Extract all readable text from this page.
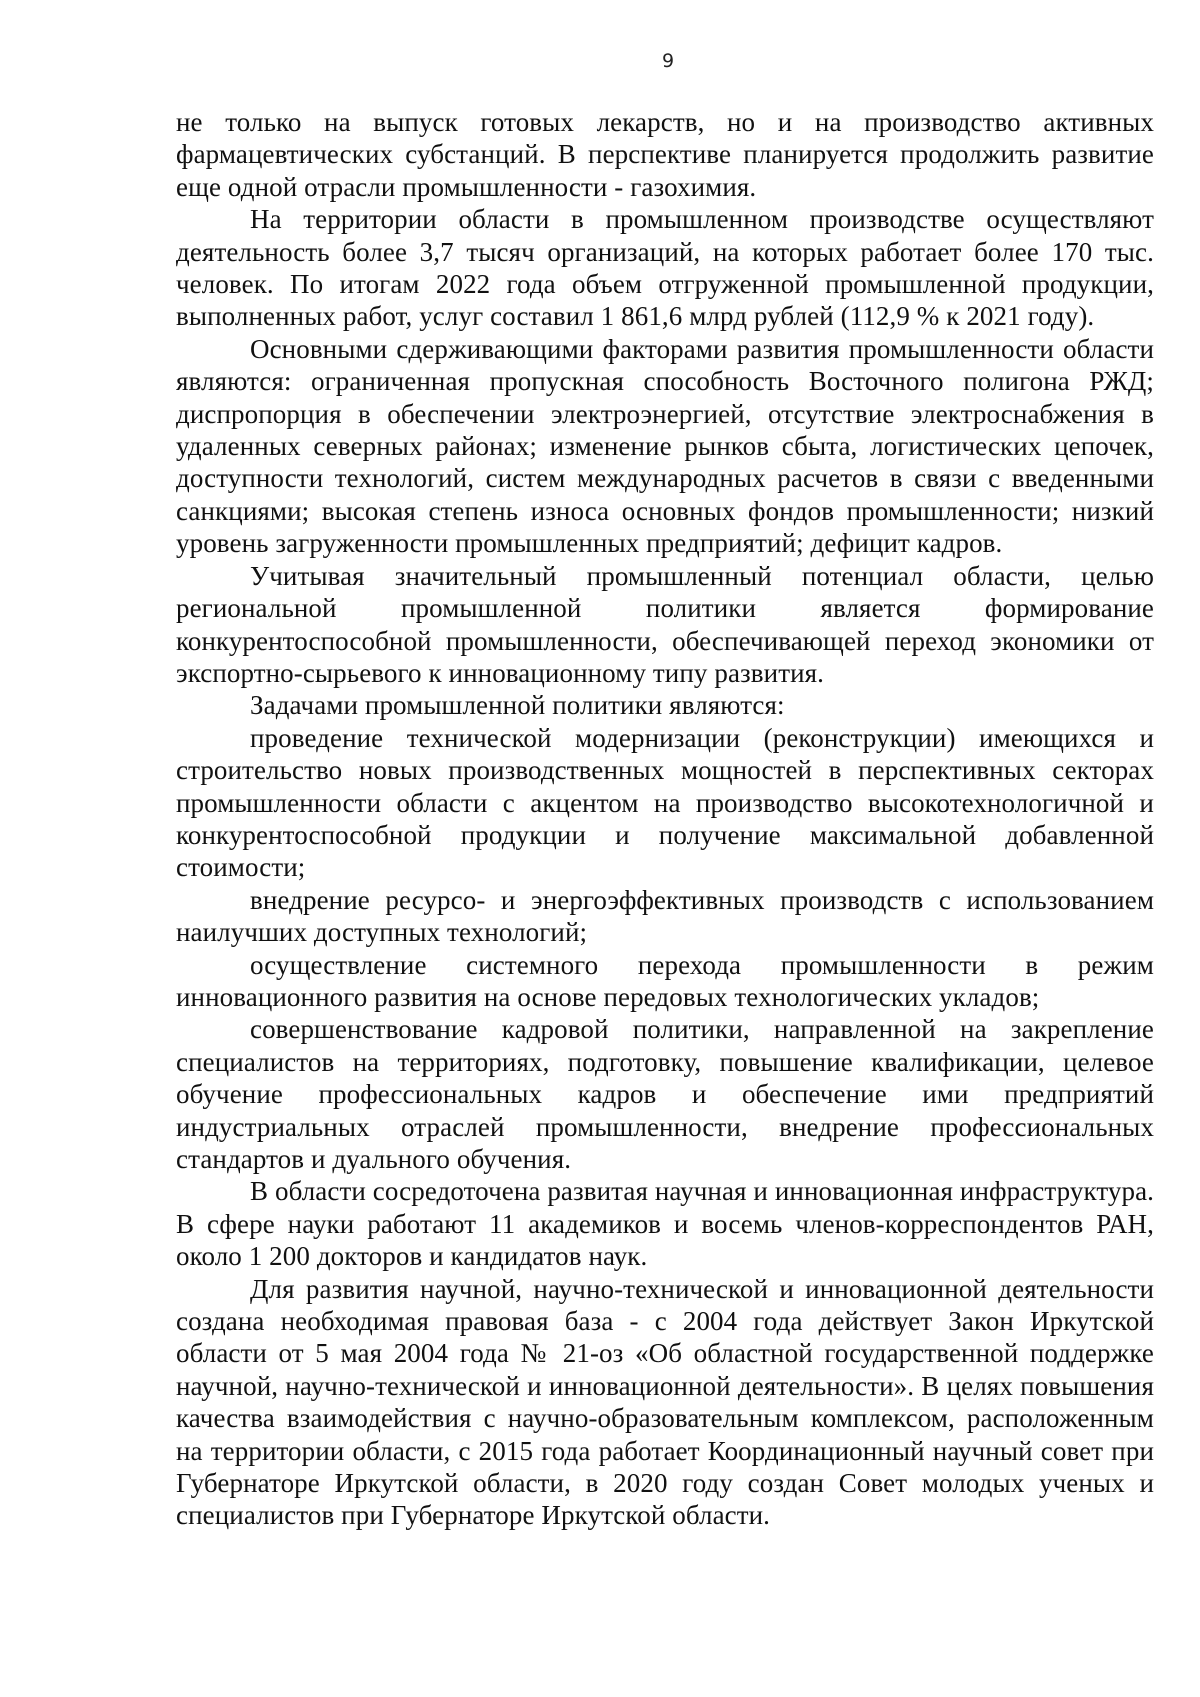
9

не только на выпуск готовых лекарств, но и на производство активных фармацевтических субстанций. В перспективе планируется продолжить развитие еще одной отрасли промышленности - газохимия.

На территории области в промышленном производстве осуществляют деятельность более 3,7 тысяч организаций, на которых работает более 170 тыс. человек. По итогам 2022 года объем отгруженной промышленной продукции, выполненных работ, услуг составил 1 861,6 млрд рублей (112,9 % к 2021 году).

Основными сдерживающими факторами развития промышленности области являются: ограниченная пропускная способность Восточного полигона РЖД; диспропорция в обеспечении электроэнергией, отсутствие электроснабжения в удаленных северных районах; изменение рынков сбыта, логистических цепочек, доступности технологий, систем международных расчетов в связи с введенными санкциями; высокая степень износа основных фондов промышленности; низкий уровень загруженности промышленных предприятий; дефицит кадров.

Учитывая значительный промышленный потенциал области, целью региональной промышленной политики является формирование конкурентоспособной промышленности, обеспечивающей переход экономики от экспортно-сырьевого к инновационному типу развития.

Задачами промышленной политики являются:

проведение технической модернизации (реконструкции) имеющихся и строительство новых производственных мощностей в перспективных секторах промышленности области с акцентом на производство высокотехнологичной и конкурентоспособной продукции и получение максимальной добавленной стоимости;

внедрение ресурсо- и энергоэффективных производств с использованием наилучших доступных технологий;

осуществление системного перехода промышленности в режим инновационного развития на основе передовых технологических укладов;

совершенствование кадровой политики, направленной на закрепление специалистов на территориях, подготовку, повышение квалификации, целевое обучение профессиональных кадров и обеспечение ими предприятий индустриальных отраслей промышленности, внедрение профессиональных стандартов и дуального обучения.

В области сосредоточена развитая научная и инновационная инфраструктура. В сфере науки работают 11 академиков и восемь членов-корреспондентов РАН, около 1 200 докторов и кандидатов наук.

Для развития научной, научно-технической и инновационной деятельности создана необходимая правовая база - с 2004 года действует Закон Иркутской области от 5 мая 2004 года № 21-оз «Об областной государственной поддержке научной, научно-технической и инновационной деятельности». В целях повышения качества взаимодействия с научно-образовательным комплексом, расположенным на территории области, с 2015 года работает Координационный научный совет при Губернаторе Иркутской области, в 2020 году создан Совет молодых ученых и специалистов при Губернаторе Иркутской области.
